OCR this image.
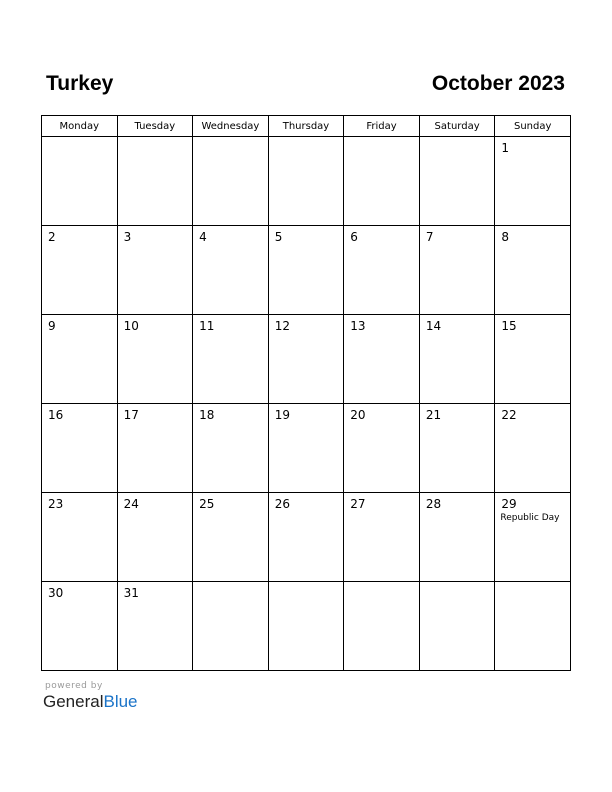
Turkey	October 2023
Monday	Tuesday	Wednesday	Thursday	Friday	Saturday	Sunday

						1

2	3	4	5	6	7	8

9	10	11	12	13	14	15

16	17	18	19	20	21	22

23	24	25	26	27	28	29
Republic Day

30	31					

powered by
GeneralBlue
